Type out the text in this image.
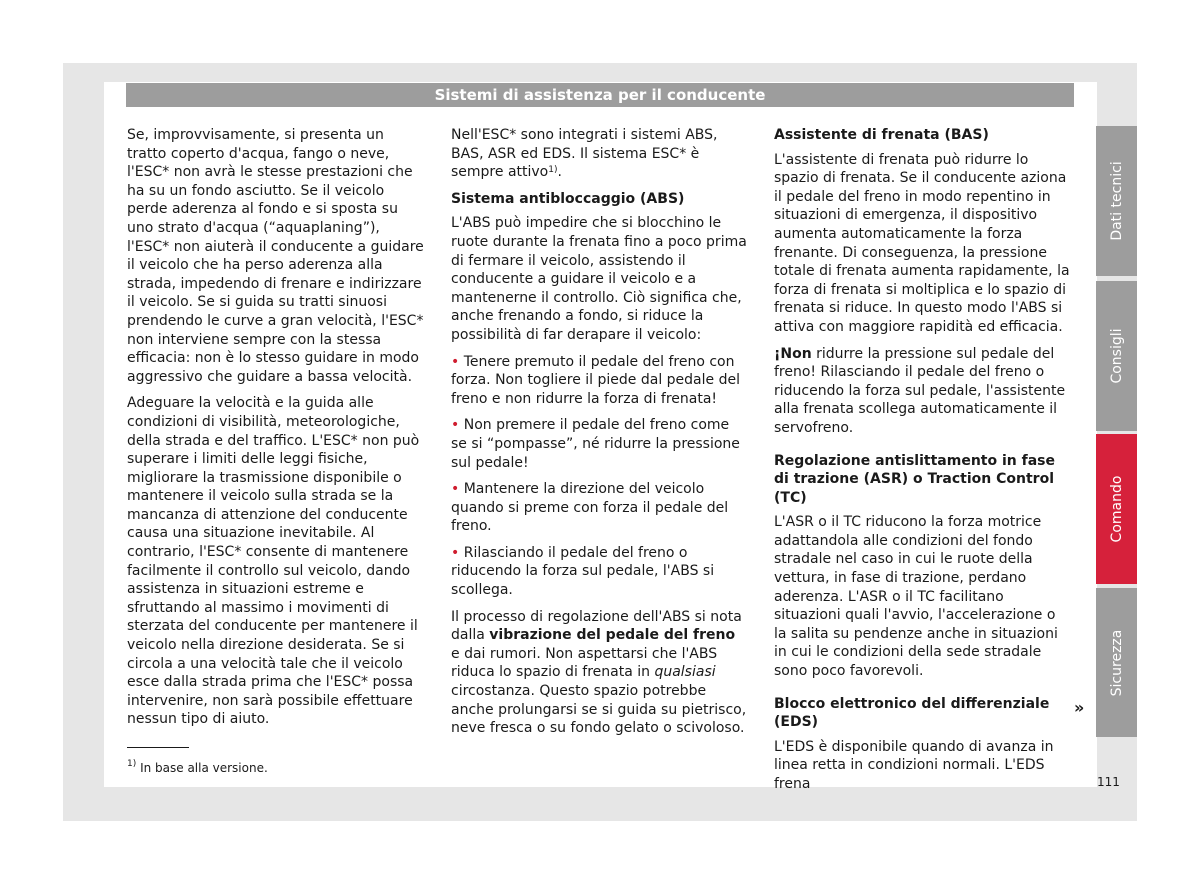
Sistemi di assistenza per il conducente

Se, improvvisamente, si presenta un tratto coperto d'acqua, fango o neve, l'ESC* non avrà le stesse prestazioni che ha su un fondo asciutto. Se il veicolo perde aderenza al fondo e si sposta su uno strato d'acqua (“aquaplaning”), l'ESC* non aiuterà il conducente a guidare il veicolo che ha perso aderenza alla strada, impedendo di frenare e indirizzare il veicolo. Se si guida su tratti sinuosi prendendo le curve a gran velocità, l'ESC* non interviene sempre con la stessa efficacia: non è lo stesso guidare in modo aggressivo che guidare a bassa velocità.

Adeguare la velocità e la guida alle condizioni di visibilità, meteorologiche, della strada e del traffico. L'ESC* non può superare i limiti delle leggi fisiche, migliorare la trasmissione disponibile o mantenere il veicolo sulla strada se la mancanza di attenzione del conducente causa una situazione inevitabile. Al contrario, l'ESC* consente di mantenere facilmente il controllo sul veicolo, dando assistenza in situazioni estreme e sfruttando al massimo i movimenti di sterzata del conducente per mantenere il veicolo nella direzione desiderata. Se si circola a una velocità tale che il veicolo esce dalla strada prima che l'ESC* possa intervenire, non sarà possibile effettuare nessun tipo di aiuto.

Nell'ESC* sono integrati i sistemi ABS, BAS, ASR ed EDS. Il sistema ESC* è sempre attivo$^{1)}$.

Sistema antibloccaggio (ABS)

L'ABS può impedire che si blocchino le ruote durante la frenata fino a poco prima di fermare il veicolo, assistendo il conducente a guidare il veicolo e a mantenerne il controllo. Ciò significa che, anche frenando a fondo, si riduce la possibilità di far derapare il veicolo:

• Tenere premuto il pedale del freno con forza. Non togliere il piede dal pedale del freno e non ridurre la forza di frenata!

• Non premere il pedale del freno come se si “pompasse”, né ridurre la pressione sul pedale!

• Mantenere la direzione del veicolo quando si preme con forza il pedale del freno.

• Rilasciando il pedale del freno o riducendo la forza sul pedale, l'ABS si scollega.

Il processo di regolazione dell'ABS si nota dalla vibrazione del pedale del freno e dai rumori. Non aspettarsi che l'ABS riduca lo spazio di frenata in qualsiasi circostanza. Questo spazio potrebbe anche prolungarsi se si guida su pietrisco, neve fresca o su fondo gelato o scivoloso.

Assistente di frenata (BAS)

L'assistente di frenata può ridurre lo spazio di frenata. Se il conducente aziona il pedale del freno in modo repentino in situazioni di emergenza, il dispositivo aumenta automaticamente la forza frenante. Di conseguenza, la pressione totale di frenata aumenta rapidamente, la forza di frenata si moltiplica e lo spazio di frenata si riduce. In questo modo l'ABS si attiva con maggiore rapidità ed efficacia.

¡Non ridurre la pressione sul pedale del freno! Rilasciando il pedale del freno o riducendo la forza sul pedale, l'assistente alla frenata scollega automaticamente il servofreno.

Regolazione antislittamento in fase di trazione (ASR) o Traction Control (TC)

L'ASR o il TC riducono la forza motrice adattandola alle condizioni del fondo stradale nel caso in cui le ruote della vettura, in fase di trazione, perdano aderenza. L'ASR o il TC facilitano situazioni quali l'avvio, l'accelerazione o la salita su pendenze anche in situazioni in cui le condizioni della sede stradale sono poco favorevoli.

Blocco elettronico del differenziale (EDS)

L'EDS è disponibile quando di avanza in linea retta in condizioni normali. L'EDS frena

»
$^{1)}$ In base alla versione.
111
Dati tecnici
Consigli
Comando
Sicurezza
